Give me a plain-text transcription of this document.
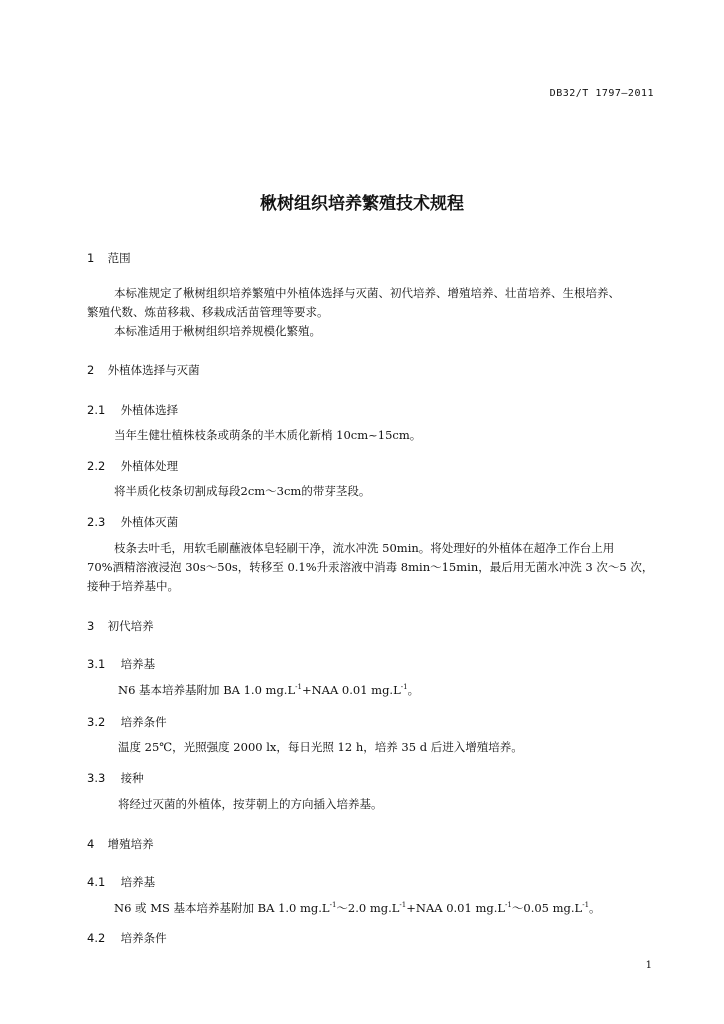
DB32/T 1797—2011
楸树组织培养繁殖技术规程
1 范围
本标准规定了楸树组织培养繁殖中外植体选择与灭菌、初代培养、增殖培养、壮苗培养、生根培养、
繁殖代数、炼苗移栽、移栽成活苗管理等要求。
本标准适用于楸树组织培养规模化繁殖。
2 外植体选择与灭菌
2.1 外植体选择
当年生健壮植株枝条或萌条的半木质化新梢 10cm~15cm。
2.2 外植体处理
将半质化枝条切割成每段2cm～3cm的带芽茎段。
2.3 外植体灭菌
枝条去叶毛，用软毛刷蘸液体皂轻刷干净，流水冲洗 50min。将处理好的外植体在超净工作台上用
70%酒精溶液浸泡 30s～50s，转移至 0.1%升汞溶液中消毒 8min～15min，最后用无菌水冲洗 3 次～5 次，
接种于培养基中。
3 初代培养
3.1 培养基
N6 基本培养基附加 BA 1.0 $mg.L^{-1}+NAA$ 0.01 $mg.L^{-1}$。
3.2 培养条件
温度 25℃，光照强度 2000 lx，每日光照 12 h，培养 35 d 后进入增殖培养。
3.3 接种
将经过灭菌的外植体，按芽朝上的方向插入培养基。
4 增殖培养
4.1 培养基
N6 或 MS 基本培养基附加 BA 1.0 $mg.L^{-1}\sim 2.0$ $mg.L^{-1}+NAA$ 0.01 $mg.L^{-1}\sim 0.05$ $mg.L^{-1}$。
4.2 培养条件
1
